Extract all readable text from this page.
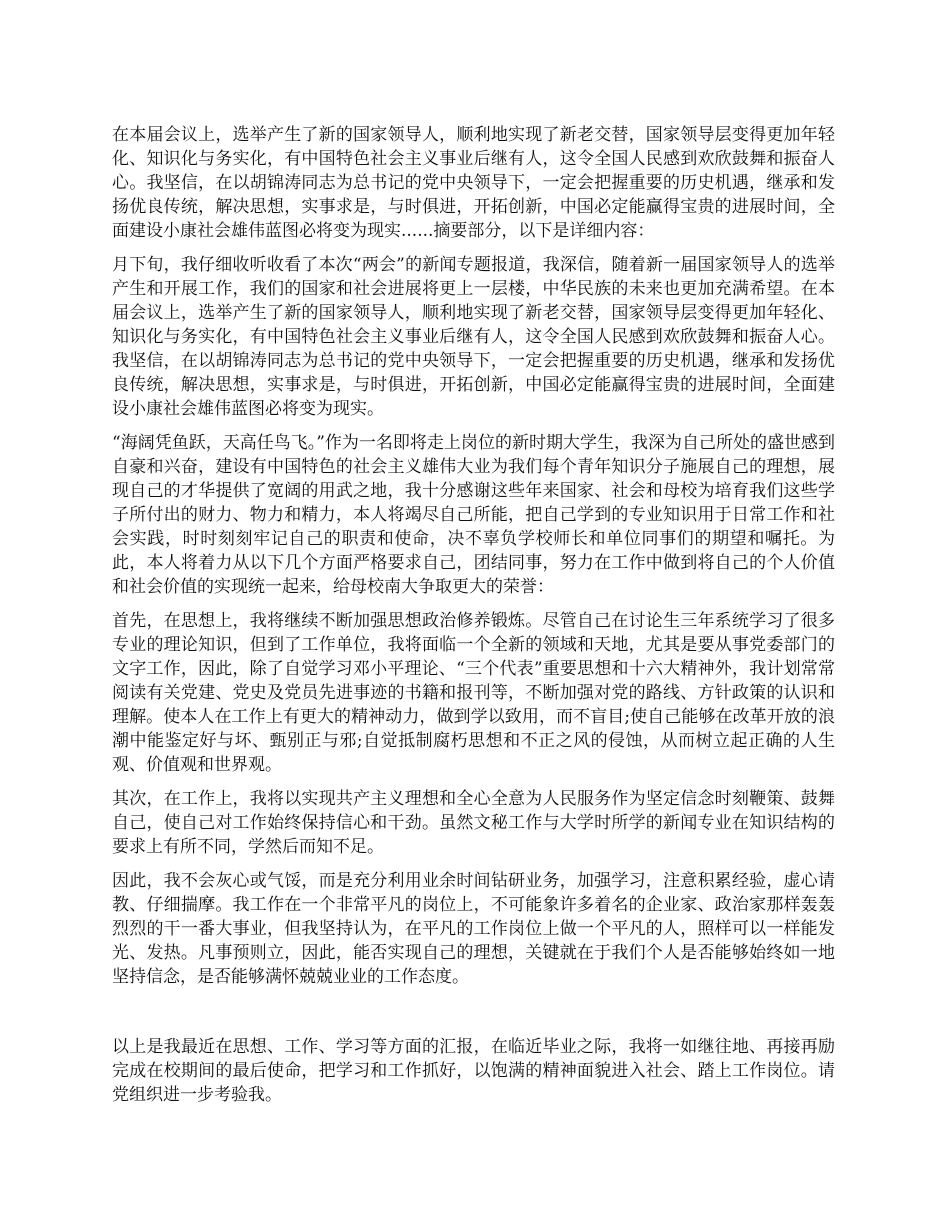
在本届会议上，选举产生了新的国家领导人，顺利地实现了新老交替，国家领导层变得更加年轻化、知识化与务实化，有中国特色社会主义事业后继有人，这令全国人民感到欢欣鼓舞和振奋人心。我坚信，在以胡锦涛同志为总书记的党中央领导下，一定会把握重要的历史机遇，继承和发扬优良传统，解决思想，实事求是，与时俱进，开拓创新，中国必定能赢得宝贵的进展时间，全面建设小康社会雄伟蓝图必将变为现实......摘要部分，以下是详细内容：

月下旬，我仔细收听收看了本次“两会”的新闻专题报道，我深信，随着新一届国家领导人的选举产生和开展工作，我们的国家和社会进展将更上一层楼，中华民族的未来也更加充满希望。在本届会议上，选举产生了新的国家领导人，顺利地实现了新老交替，国家领导层变得更加年轻化、知识化与务实化，有中国特色社会主义事业后继有人，这令全国人民感到欢欣鼓舞和振奋人心。我坚信，在以胡锦涛同志为总书记的党中央领导下，一定会把握重要的历史机遇，继承和发扬优良传统，解决思想，实事求是，与时俱进，开拓创新，中国必定能赢得宝贵的进展时间，全面建设小康社会雄伟蓝图必将变为现实。

“海阔凭鱼跃，天高任鸟飞。”作为一名即将走上岗位的新时期大学生，我深为自己所处的盛世感到自豪和兴奋，建设有中国特色的社会主义雄伟大业为我们每个青年知识分子施展自己的理想，展现自己的才华提供了宽阔的用武之地，我十分感谢这些年来国家、社会和母校为培育我们这些学子所付出的财力、物力和精力，本人将竭尽自己所能，把自己学到的专业知识用于日常工作和社会实践，时时刻刻牢记自己的职责和使命，决不辜负学校师长和单位同事们的期望和嘱托。为此，本人将着力从以下几个方面严格要求自己，团结同事，努力在工作中做到将自己的个人价值和社会价值的实现统一起来，给母校南大争取更大的荣誉：

首先，在思想上，我将继续不断加强思想政治修养锻炼。尽管自己在讨论生三年系统学习了很多专业的理论知识，但到了工作单位，我将面临一个全新的领域和天地，尤其是要从事党委部门的文字工作，因此，除了自觉学习邓小平理论、“三个代表”重要思想和十六大精神外，我计划常常阅读有关党建、党史及党员先进事迹的书籍和报刊等，不断加强对党的路线、方针政策的认识和理解。使本人在工作上有更大的精神动力，做到学以致用，而不盲目;使自己能够在改革开放的浪潮中能鉴定好与坏、甄别正与邪;自觉抵制腐朽思想和不正之风的侵蚀，从而树立起正确的人生观、价值观和世界观。

其次，在工作上，我将以实现共产主义理想和全心全意为人民服务作为坚定信念时刻鞭策、鼓舞自己，使自己对工作始终保持信心和干劲。虽然文秘工作与大学时所学的新闻专业在知识结构的要求上有所不同，学然后而知不足。

因此，我不会灰心或气馁，而是充分利用业余时间钻研业务，加强学习，注意积累经验，虚心请教、仔细揣摩。我工作在一个非常平凡的岗位上，不可能象许多着名的企业家、政治家那样轰轰烈烈的干一番大事业，但我坚持认为，在平凡的工作岗位上做一个平凡的人，照样可以一样能发光、发热。凡事预则立，因此，能否实现自己的理想，关键就在于我们个人是否能够始终如一地坚持信念，是否能够满怀兢兢业业的工作态度。

以上是我最近在思想、工作、学习等方面的汇报，在临近毕业之际，我将一如继往地、再接再励完成在校期间的最后使命，把学习和工作抓好，以饱满的精神面貌进入社会、踏上工作岗位。请党组织进一步考验我。
